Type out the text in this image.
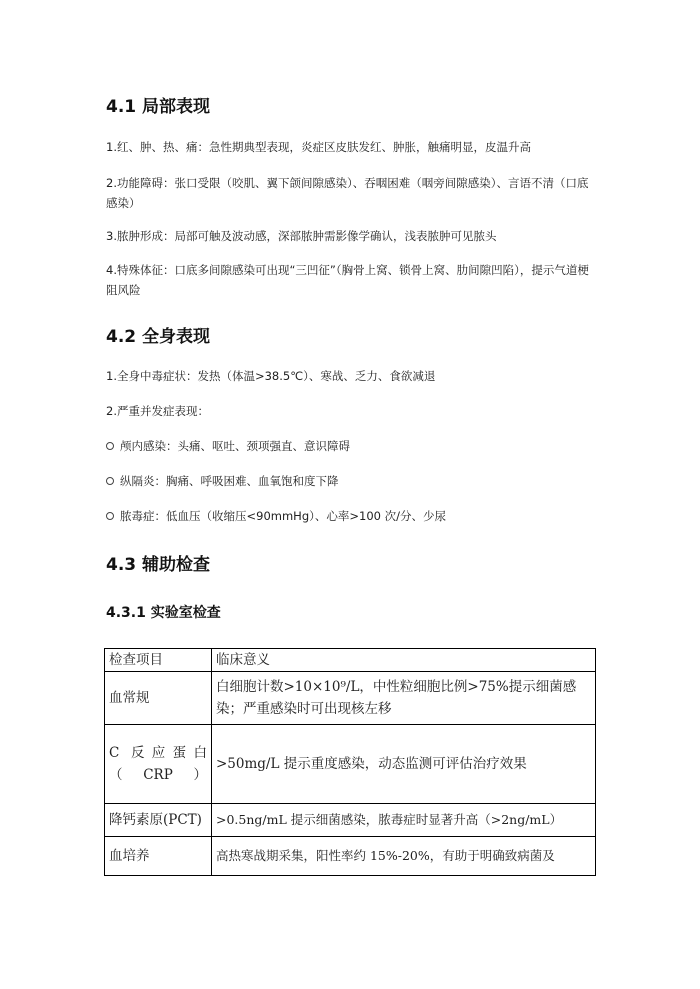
4.1 局部表现

1.红、肿、热、痛：急性期典型表现，炎症区皮肤发红、肿胀，触痛明显，皮温升高

2.功能障碍：张口受限（咬肌、翼下颌间隙感染）、吞咽困难（咽旁间隙感染）、言语不清（口底感染）

3.脓肿形成：局部可触及波动感，深部脓肿需影像学确认，浅表脓肿可见脓头

4.特殊体征：口底多间隙感染可出现“三凹征”（胸骨上窝、锁骨上窝、肋间隙凹陷），提示气道梗阻风险

4.2 全身表现

1.全身中毒症状：发热（体温>38.5℃）、寒战、乏力、食欲减退

2.严重并发症表现：

颅内感染：头痛、呕吐、颈项强直、意识障碍

纵隔炎：胸痛、呼吸困难、血氧饱和度下降

脓毒症：低血压（收缩压<90mmHg）、心率>100 次/分、少尿

4.3 辅助检查
4.3.1 实验室检查
检查项目	临床意义
血常规	白细胞计数>10×10⁹/L，中性粒细胞比例>75%提示细菌感染；严重感染时可出现核左移
C 反应蛋白（CRP）	>50mg/L 提示重度感染，动态监测可评估治疗效果
降钙素原(PCT)	>0.5ng/mL 提示细菌感染，脓毒症时显著升高（>2ng/mL）
血培养	高热寒战期采集，阳性率约 15%-20%，有助于明确致病菌及
